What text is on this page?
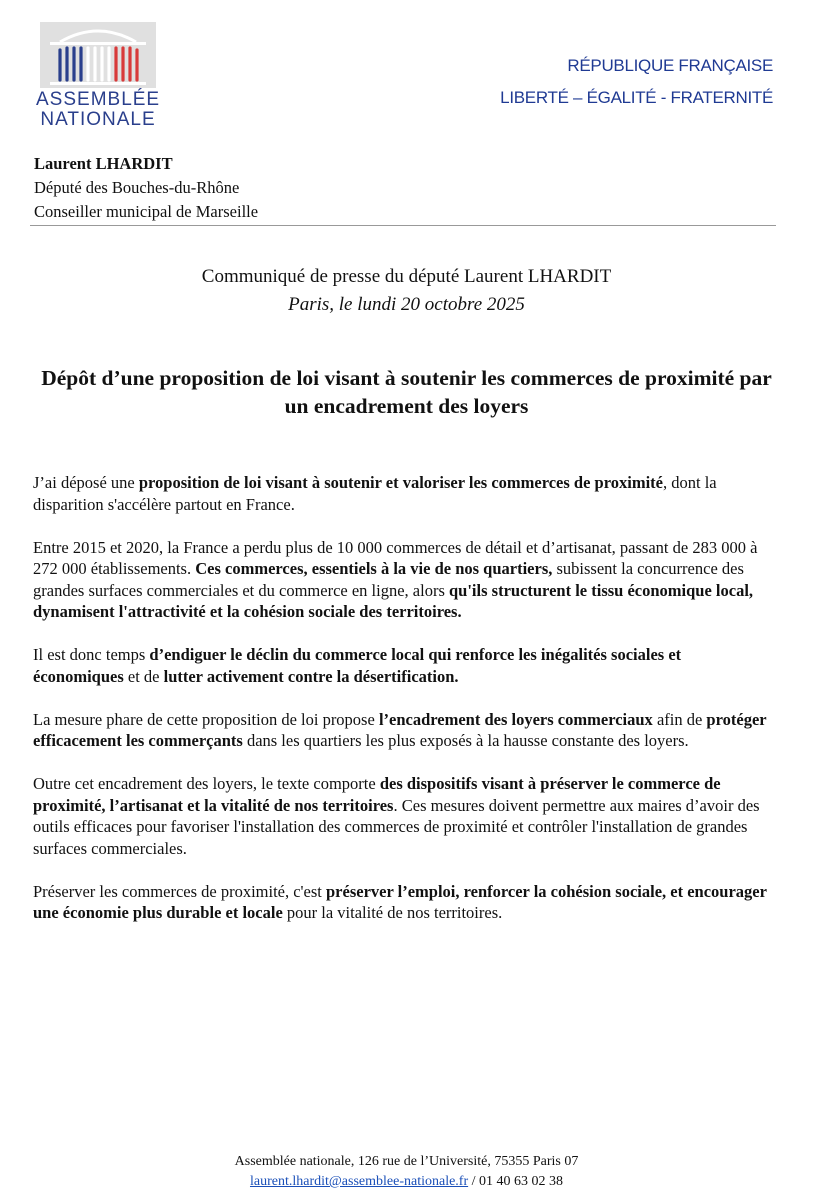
ASSEMBLÉE
NATIONALE
RÉPUBLIQUE FRANÇAISE
LIBERTÉ – ÉGALITÉ - FRATERNITÉ
Laurent LHARDIT
Député des Bouches-du-Rhône
Conseiller municipal de Marseille
Communiqué de presse du député Laurent LHARDIT
Paris, le lundi 20 octobre 2025
Dépôt d’une proposition de loi visant à soutenir les commerces de proximité par un encadrement des loyers

J’ai déposé une proposition de loi visant à soutenir et valoriser les commerces de proximité, dont la disparition s'accélère partout en France.

Entre 2015 et 2020, la France a perdu plus de 10 000 commerces de détail et d’artisanat, passant de 283 000 à 272 000 établissements. Ces commerces, essentiels à la vie de nos quartiers, subissent la concurrence des grandes surfaces commerciales et du commerce en ligne, alors qu'ils structurent le tissu économique local, dynamisent l'attractivité et la cohésion sociale des territoires.

Il est donc temps d’endiguer le déclin du commerce local qui renforce les inégalités sociales et économiques et de lutter activement contre la désertification.

La mesure phare de cette proposition de loi propose l’encadrement des loyers commerciaux afin de protéger efficacement les commerçants dans les quartiers les plus exposés à la hausse constante des loyers.

Outre cet encadrement des loyers, le texte comporte des dispositifs visant à préserver le commerce de proximité, l’artisanat et la vitalité de nos territoires. Ces mesures doivent permettre aux maires d’avoir des outils efficaces pour favoriser l'installation des commerces de proximité et contrôler l'installation de grandes surfaces commerciales.

Préserver les commerces de proximité, c'est préserver l’emploi, renforcer la cohésion sociale, et encourager une économie plus durable et locale pour la vitalité de nos territoires.

Assemblée nationale, 126 rue de l’Université, 75355 Paris 07
laurent.lhardit@assemblee-nationale.fr / 01 40 63 02 38
